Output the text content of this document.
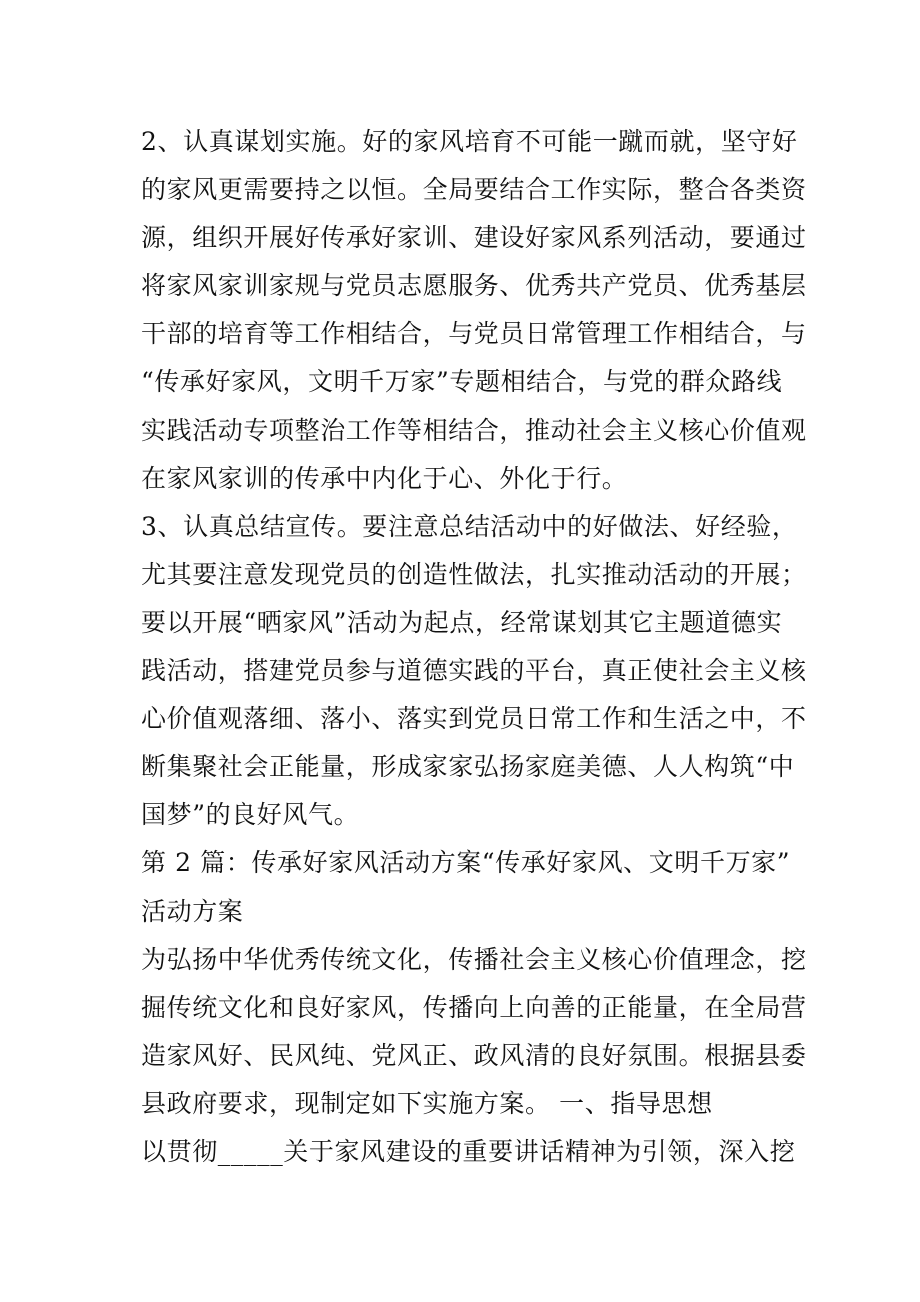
2、认真谋划实施。好的家风培育不可能一蹴而就，坚守好
的家风更需要持之以恒。全局要结合工作实际，整合各类资
源，组织开展好传承好家训、建设好家风系列活动，要通过
将家风家训家规与党员志愿服务、优秀共产党员、优秀基层
干部的培育等工作相结合，与党员日常管理工作相结合，与
“传承好家风，文明千万家”专题相结合，与党的群众路线
实践活动专项整治工作等相结合，推动社会主义核心价值观
在家风家训的传承中内化于心、外化于行。
3、认真总结宣传。要注意总结活动中的好做法、好经验，
尤其要注意发现党员的创造性做法，扎实推动活动的开展；
要以开展“晒家风”活动为起点，经常谋划其它主题道德实
践活动，搭建党员参与道德实践的平台，真正使社会主义核
心价值观落细、落小、落实到党员日常工作和生活之中，不
断集聚社会正能量，形成家家弘扬家庭美德、人人构筑“中
国梦”的良好风气。
第 2 篇：传承好家风活动方案“传承好家风、文明千万家”
活动方案
为弘扬中华优秀传统文化，传播社会主义核心价值理念，挖
掘传统文化和良好家风，传播向上向善的正能量，在全局营
造家风好、民风纯、党风正、政风清的良好氛围。根据县委
县政府要求，现制定如下实施方案。 一、指导思想
以贯彻_____关于家风建设的重要讲话精神为引领，深入挖
